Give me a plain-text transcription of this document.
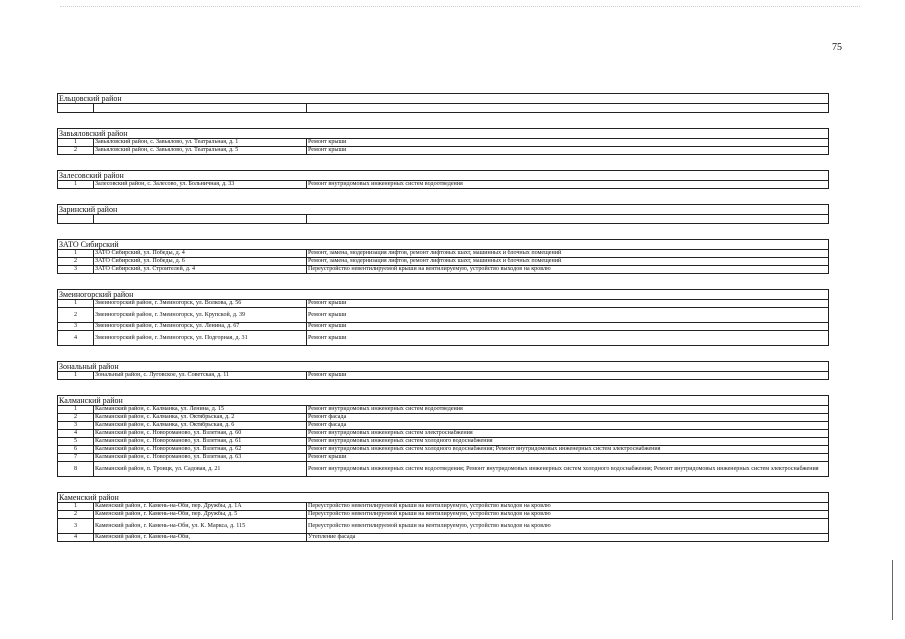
75
Ельцовский район		

Завьяловский район		
1	Завьяловский район, с. Завьялово, ул. Театральная, д. 1	Ремонт крыши
2	Завьяловский район, с. Завьялово, ул. Театральная, д. 5	Ремонт крыши

Залесовский район		
1	Залесовский район, с. Залесово, ул. Больничная, д. 33	Ремонт внутридомовых инженерных систем водоотведения

Заринский район		

ЗАТО Сибирский		
1	ЗАТО Сибирский, ул. Победы, д. 4	Ремонт, замена, модернизация лифтов, ремонт лифтовых шахт, машинных и блочных помещений
2	ЗАТО Сибирский, ул. Победы, д. 6	Ремонт, замена, модернизация лифтов, ремонт лифтовых шахт, машинных и блочных помещений
3	ЗАТО Сибирский, ул. Строителей, д. 4	Переустройство невентилируемой крыши на вентилируемую, устройство выходов на кровлю

Змеиногорский район		
1	Змеиногорский район, г. Змеиногорск, ул. Волкова, д. 56	Ремонт крыши
2	Змеиногорский район, г. Змеиногорск, ул. Крупской, д. 39	Ремонт крыши
3	Змеиногорский район, г. Змеиногорск, ул. Ленина, д. 67	Ремонт крыши
4	Змеиногорский район, г. Змеиногорск, ул. Подгорная, д. 31	Ремонт крыши

Зональный район		
1	Зональный район, с. Луговское, ул. Советская, д. 11	Ремонт крыши

Калманский район		
1	Калманский район, с. Калманка, ул. Ленина, д. 15	Ремонт внутридомовых инженерных систем водоотведения
2	Калманский район, с. Калманка, ул. Октябрьская, д. 2	Ремонт фасада
3	Калманский район, с. Калманка, ул. Октябрьская, д. 6	Ремонт фасада
4	Калманский район, с. Новороманово, ул. Взлетная, д. 60	Ремонт внутридомовых инженерных систем электроснабжения
5	Калманский район, с. Новороманово, ул. Взлетная, д. 61	Ремонт внутридомовых инженерных систем холодного водоснабжения
6	Калманский район, с. Новороманово, ул. Взлетная, д. 62	Ремонт внутридомовых инженерных систем холодного водоснабжения; Ремонт внутридомовых инженерных систем электроснабжения
7	Калманский район, с. Новороманово, ул. Взлетная, д. 63	Ремонт крыши
8	Калманский район, п. Троицк, ул. Садовая, д. 21	Ремонт внутридомовых инженерных систем водоотведения; Ремонт внутридомовых инженерных систем холодного водоснабжения; Ремонт внутридомовых инженерных систем электроснабжения

Каменский район		
1	Каменский район, г. Камень-на-Оби, пер. Дружбы, д. 1А	Переустройство невентилируемой крыши на вентилируемую, устройство выходов на кровлю
2	Каменский район, г. Камень-на-Оби, пер. Дружбы, д. 5	Переустройство невентилируемой крыши на вентилируемую, устройство выходов на кровлю
3	Каменский район, г. Камень-на-Оби, ул. К. Маркса, д. 115	Переустройство невентилируемой крыши на вентилируемую, устройство выходов на кровлю
4	Каменский район, г. Камень-на-Оби,	Утепление фасада
